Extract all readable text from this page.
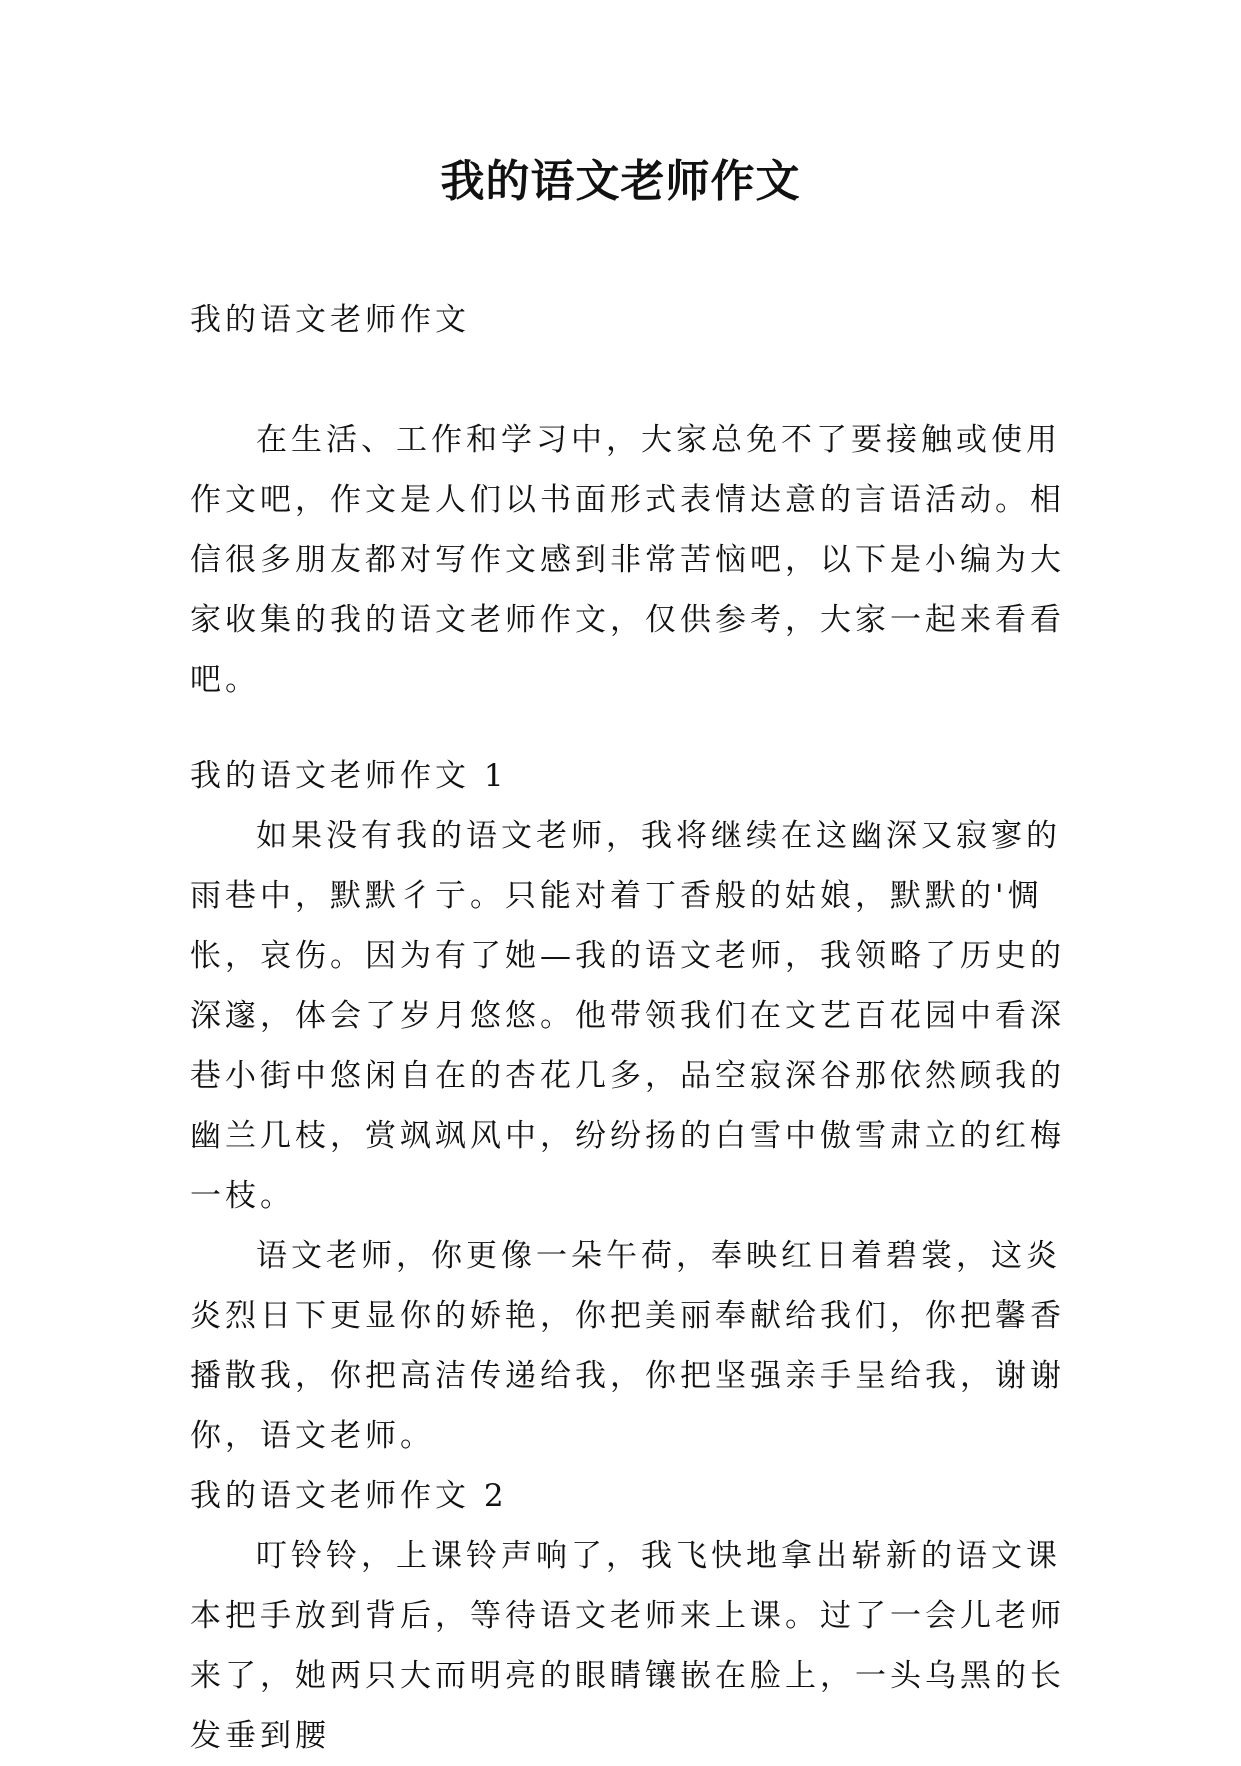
我的语文老师作文

我的语文老师作文

在生活、工作和学习中，大家总免不了要接触或使用作文吧，作文是人们以书面形式表情达意的言语活动。相信很多朋友都对写作文感到非常苦恼吧，以下是小编为大家收集的我的语文老师作文，仅供参考，大家一起来看看吧。

我的语文老师作文 1

如果没有我的语文老师，我将继续在这幽深又寂寥的雨巷中，默默彳亍。只能对着丁香般的姑娘，默默的'惆怅，哀伤。因为有了她—我的语文老师，我领略了历史的深邃，体会了岁月悠悠。他带领我们在文艺百花园中看深巷小街中悠闲自在的杏花几多，品空寂深谷那依然顾我的幽兰几枝，赏飒飒风中，纷纷扬的白雪中傲雪肃立的红梅一枝。

语文老师，你更像一朵午荷，奉映红日着碧裳，这炎炎烈日下更显你的娇艳，你把美丽奉献给我们，你把馨香播散我，你把高洁传递给我，你把坚强亲手呈给我，谢谢你，语文老师。

我的语文老师作文 2

叮铃铃，上课铃声响了，我飞快地拿出崭新的语文课本把手放到背后，等待语文老师来上课。过了一会儿老师来了，她两只大而明亮的眼睛镶嵌在脸上，一头乌黑的长发垂到腰
